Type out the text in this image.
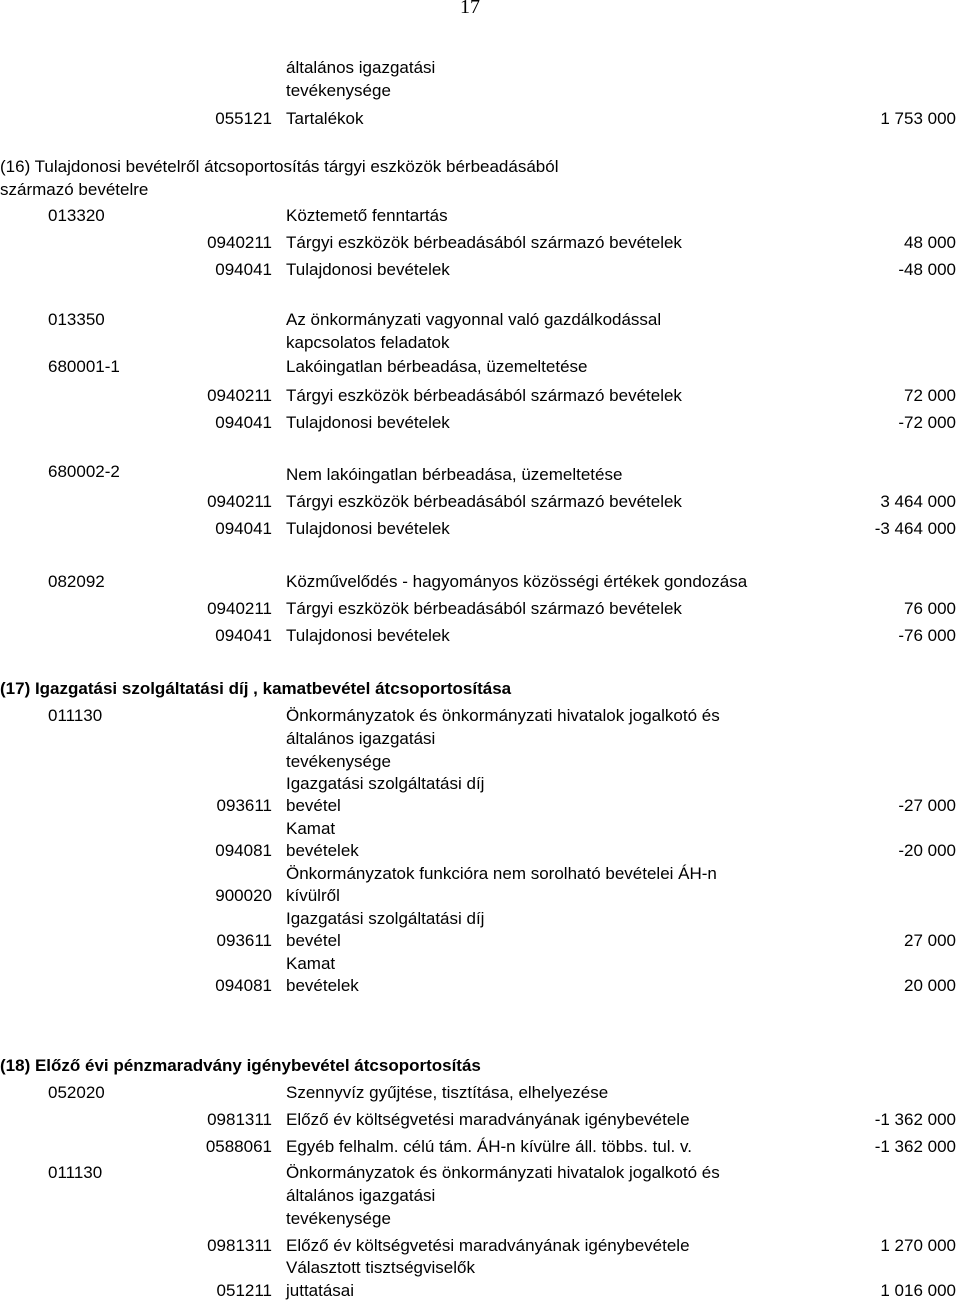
17
általános igazgatási
tevékenysége
055121 Tartalékok	1 753 000
(16) Tulajdonosi bevételről átcsoportosítás tárgyi eszközök bérbeadásából
származó bevételre
013320	Köztemető fenntartás
0940211 Tárgyi eszközök bérbeadásából származó bevételek	48 000
094041 Tulajdonosi bevételek	-48 000
013350	Az önkormányzati vagyonnal való gazdálkodással
kapcsolatos feladatok
680001-1	Lakóingatlan bérbeadása, üzemeltetése
0940211 Tárgyi eszközök bérbeadásából származó bevételek	72 000
094041 Tulajdonosi bevételek	-72 000
680002-2	Nem lakóingatlan bérbeadása, üzemeltetése
0940211 Tárgyi eszközök bérbeadásából származó bevételek	3 464 000
094041 Tulajdonosi bevételek	-3 464 000
082092	Közművelődés - hagyományos közösségi értékek gondozása
0940211 Tárgyi eszközök bérbeadásából származó bevételek	76 000
094041 Tulajdonosi bevételek	-76 000
(17) Igazgatási szolgáltatási díj , kamatbevétel átcsoportosítása
011130	Önkormányzatok és önkormányzati hivatalok jogalkotó és
általános igazgatási
tevékenysége
Igazgatási szolgáltatási díj
093611 bevétel	-27 000
Kamat
094081 bevételek	-20 000
Önkormányzatok funkcióra nem sorolható bevételei ÁH-n
900020 kívülről
Igazgatási szolgáltatási díj
093611 bevétel	27 000
Kamat
094081 bevételek	20 000
(18) Előző évi pénzmaradvány igénybevétel átcsoportosítás
052020	Szennyvíz gyűjtése, tisztítása, elhelyezése
0981311 Előző év költségvetési maradványának igénybevétele	-1 362 000
0588061 Egyéb felhalm. célú tám. ÁH-n kívülre áll. többs. tul. v.	-1 362 000
011130	Önkormányzatok és önkormányzati hivatalok jogalkotó és
általános igazgatási
tevékenysége
0981311 Előző év költségvetési maradványának igénybevétele	1 270 000
Választott tisztségviselők
051211 juttatásai	1 016 000
